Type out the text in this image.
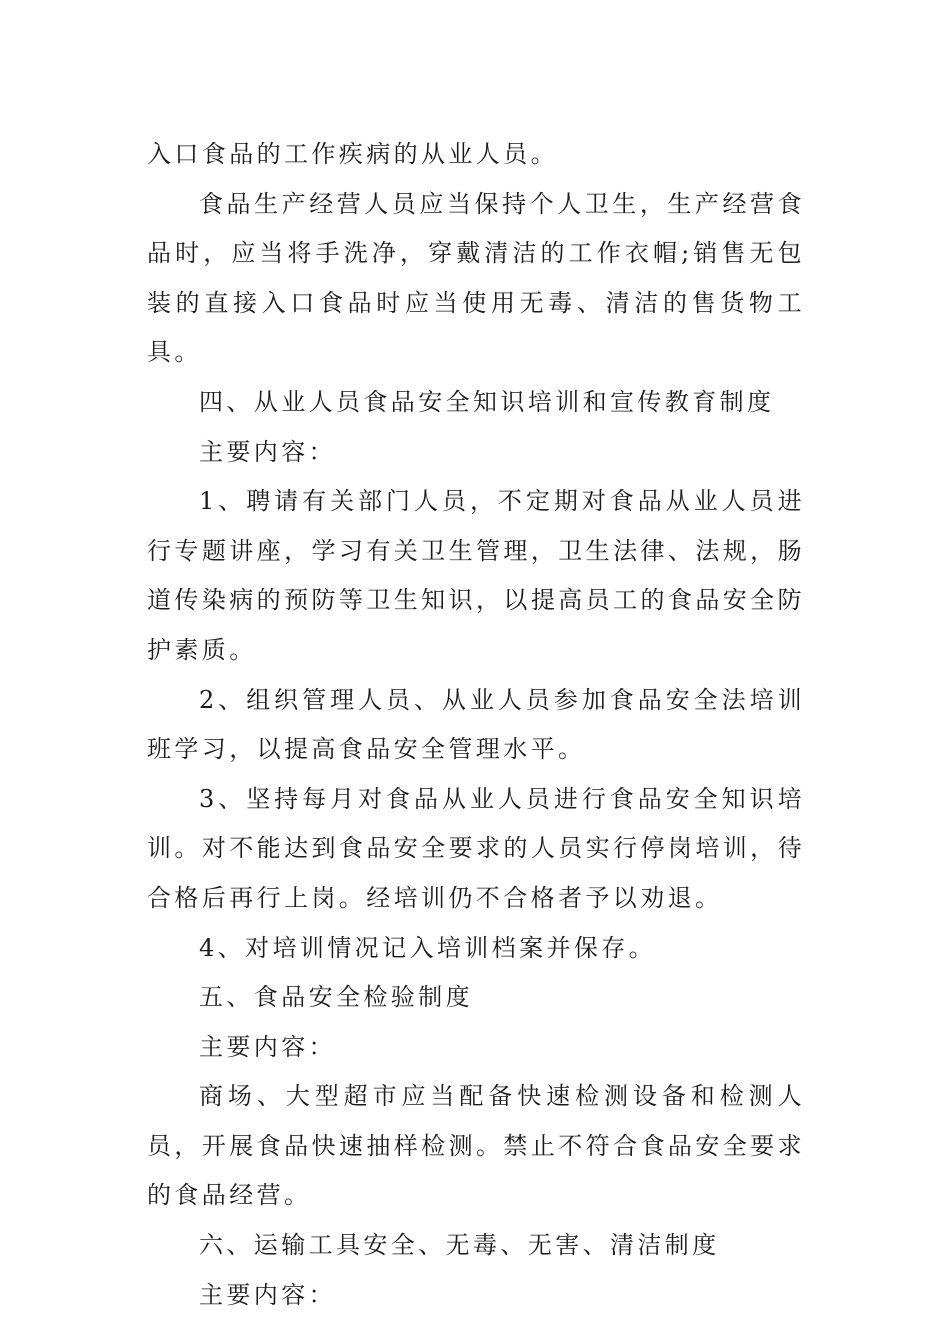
入口食品的工作疾病的从业人员。

食品生产经营人员应当保持个人卫生，生产经营食品时，应当将手洗净，穿戴清洁的工作衣帽;销售无包装的直接入口食品时应当使用无毒、清洁的售货物工具。

四、从业人员食品安全知识培训和宣传教育制度

主要内容：

1、聘请有关部门人员，不定期对食品从业人员进行专题讲座，学习有关卫生管理，卫生法律、法规，肠道传染病的预防等卫生知识，以提高员工的食品安全防护素质。

2、组织管理人员、从业人员参加食品安全法培训班学习，以提高食品安全管理水平。

3、坚持每月对食品从业人员进行食品安全知识培训。对不能达到食品安全要求的人员实行停岗培训，待合格后再行上岗。经培训仍不合格者予以劝退。

4、对培训情况记入培训档案并保存。

五、食品安全检验制度

主要内容：

商场、大型超市应当配备快速检测设备和检测人员，开展食品快速抽样检测。禁止不符合食品安全要求的食品经营。

六、运输工具安全、无毒、无害、清洁制度

主要内容：
